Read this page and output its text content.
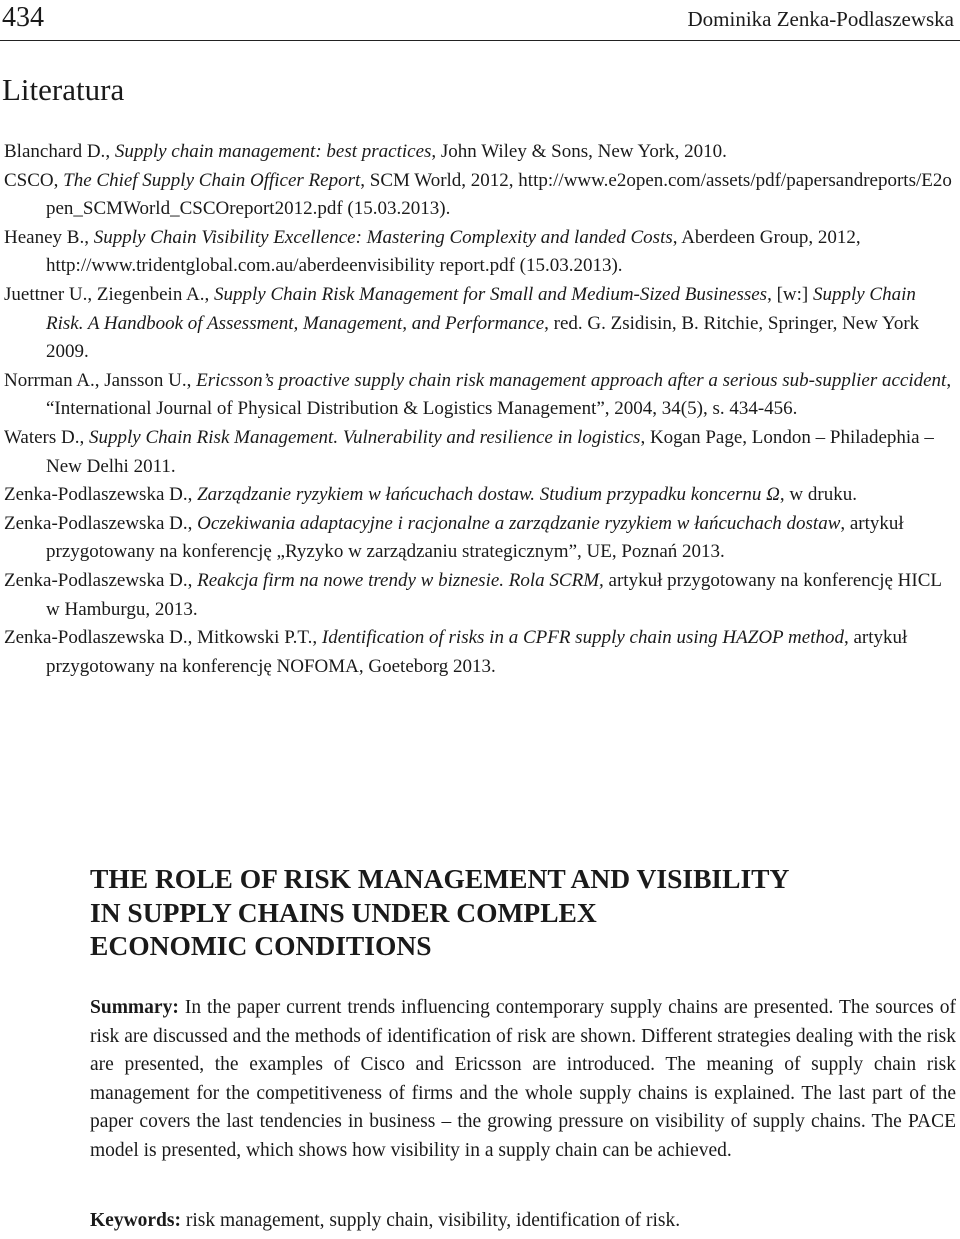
434	Dominika Zenka-Podlaszewska
Literatura

Blanchard D., Supply chain management: best practices, John Wiley & Sons, New York, 2010.

CSCO, The Chief Supply Chain Officer Report, SCM World, 2012, http://www.e2open.com/assets/pdf/papersandreports/E2open_SCMWorld_CSCOreport2012.pdf (15.03.2013).

Heaney B., Supply Chain Visibility Excellence: Mastering Complexity and landed Costs, Aberdeen Group, 2012, http://www.tridentglobal.com.au/aberdeenvisibility report.pdf (15.03.2013).

Juettner U., Ziegenbein A., Supply Chain Risk Management for Small and Medium-Sized Businesses, [w:] Supply Chain Risk. A Handbook of Assessment, Management, and Performance, red. G. Zsidisin, B. Ritchie, Springer, New York 2009.

Norrman A., Jansson U., Ericsson’s proactive supply chain risk management approach after a serious sub-supplier accident, “International Journal of Physical Distribution & Logistics Management”, 2004, 34(5), s. 434-456.

Waters D., Supply Chain Risk Management. Vulnerability and resilience in logistics, Kogan Page, London – Philadephia – New Delhi 2011.

Zenka-Podlaszewska D., Zarządzanie ryzykiem w łańcuchach dostaw. Studium przypadku koncernu Ω, w druku.

Zenka-Podlaszewska D., Oczekiwania adaptacyjne i racjonalne a zarządzanie ryzykiem w łańcuchach dostaw, artykuł przygotowany na konferencję „Ryzyko w zarządzaniu strategicznym”, UE, Poznań 2013.

Zenka-Podlaszewska D., Reakcja firm na nowe trendy w biznesie. Rola SCRM, artykuł przygotowany na konferencję HICL w Hamburgu, 2013.

Zenka-Podlaszewska D., Mitkowski P.T., Identification of risks in a CPFR supply chain using HAZOP method, artykuł przygotowany na konferencję NOFOMA, Goeteborg 2013.

THE ROLE OF RISK MANAGEMENT AND VISIBILITY
IN SUPPLY CHAINS UNDER COMPLEX
ECONOMIC CONDITIONS

Summary: In the paper current trends influencing contemporary supply chains are presented. The sources of risk are discussed and the methods of identification of risk are shown. Different strategies dealing with the risk are presented, the examples of Cisco and Ericsson are introduced. The meaning of supply chain risk management for the competitiveness of firms and the whole supply chains is explained. The last part of the paper covers the last tendencies in business – the growing pressure on visibility of supply chains. The PACE model is presented, which shows how visibility in a supply chain can be achieved.

Keywords: risk management, supply chain, visibility, identification of risk.
